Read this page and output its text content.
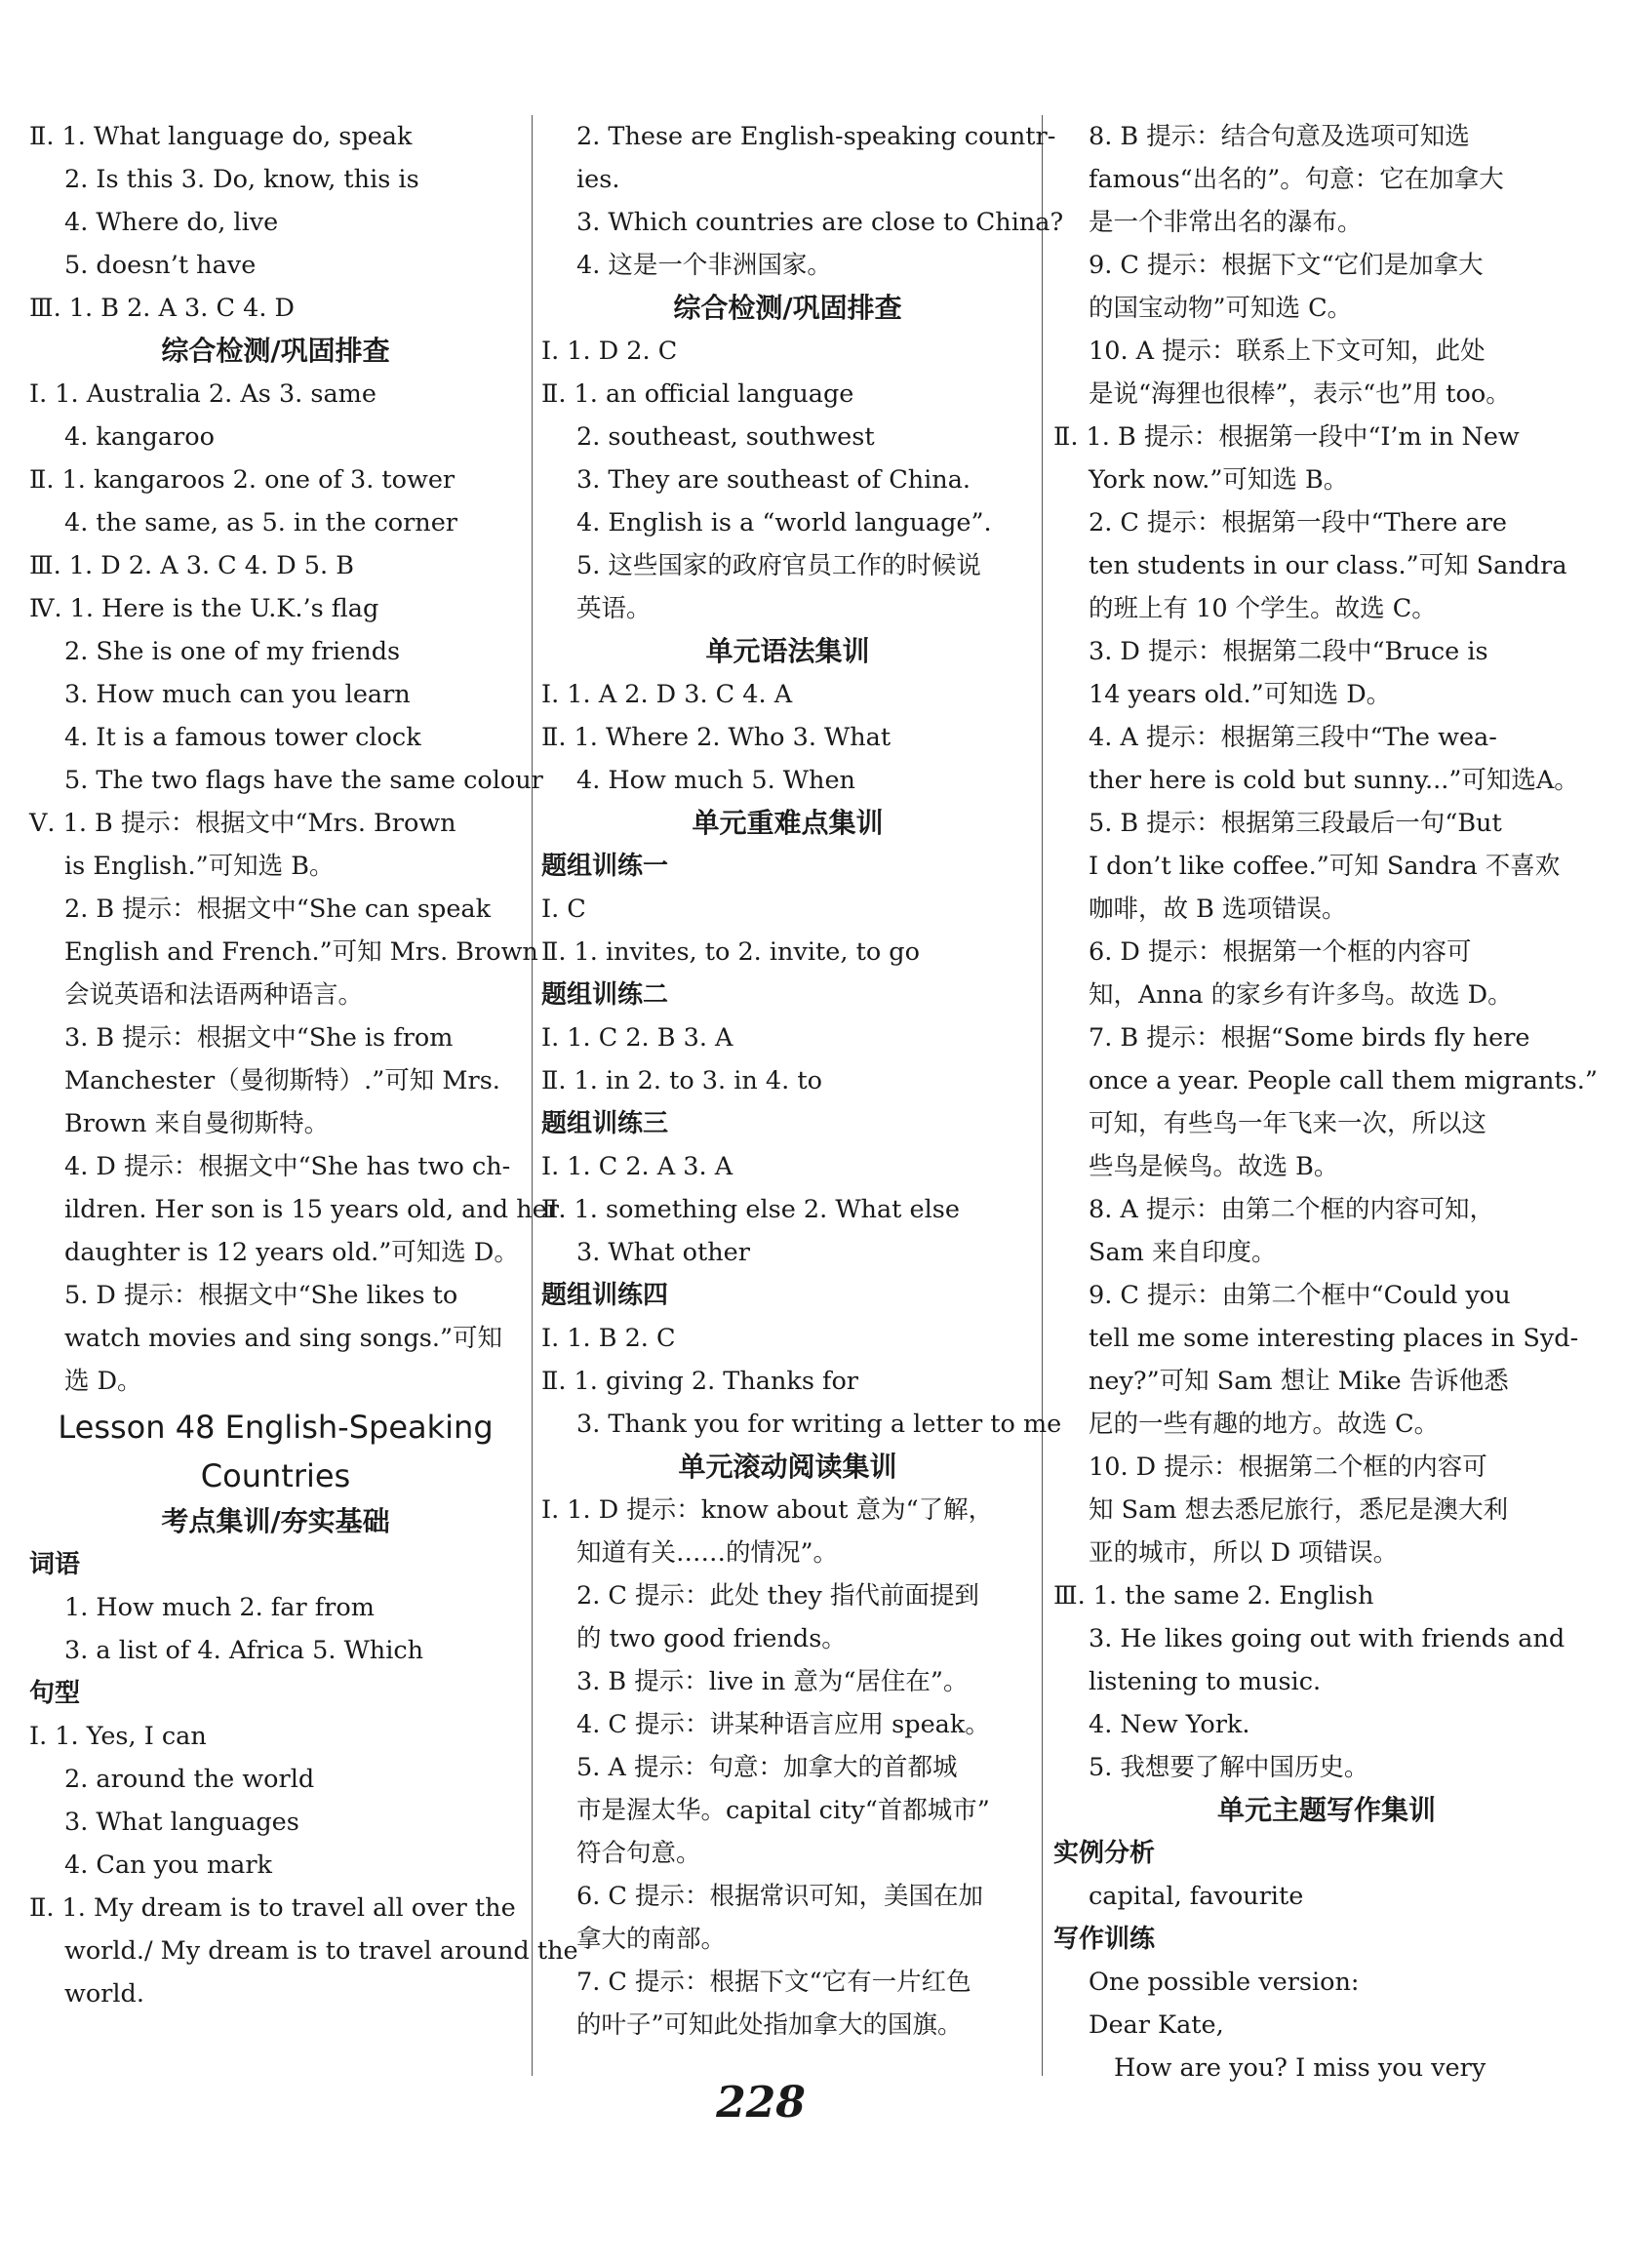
Ⅱ. 1. What language do, speak
2. Is this 3. Do, know, this is
4. Where do, live
5. doesn’t have
Ⅲ. 1. B 2. A 3. C 4. D
综合检测/巩固排查
Ⅰ. 1. Australia 2. As 3. same
4. kangaroo
Ⅱ. 1. kangaroos 2. one of 3. tower
4. the same, as 5. in the corner
Ⅲ. 1. D 2. A 3. C 4. D 5. B
Ⅳ. 1. Here is the U.K.’s flag
2. She is one of my friends
3. How much can you learn
4. It is a famous tower clock
5. The two flags have the same colour
Ⅴ. 1. B 提示：根据文中“Mrs. Brown
is English.”可知选 B。
2. B 提示：根据文中“She can speak
English and French.”可知 Mrs. Brown
会说英语和法语两种语言。
3. B 提示：根据文中“She is from
Manchester（曼彻斯特）.”可知 Mrs.
Brown 来自曼彻斯特。
4. D 提示：根据文中“She has two ch-
ildren. Her son is 15 years old, and her
daughter is 12 years old.”可知选 D。
5. D 提示：根据文中“She likes to
watch movies and sing songs.”可知
选 D。
Lesson 48 English-Speaking
Countries
考点集训/夯实基础
词语
1. How much 2. far from
3. a list of 4. Africa 5. Which
句型
Ⅰ. 1. Yes, I can
2. around the world
3. What languages
4. Can you mark
Ⅱ. 1. My dream is to travel all over the
world./ My dream is to travel around the
world.
2. These are English-speaking countr-
ies.
3. Which countries are close to China?
4. 这是一个非洲国家。
综合检测/巩固排查
Ⅰ. 1. D 2. C
Ⅱ. 1. an official language
2. southeast, southwest
3. They are southeast of China.
4. English is a “world language”.
5. 这些国家的政府官员工作的时候说
英语。
单元语法集训
Ⅰ. 1. A 2. D 3. C 4. A
Ⅱ. 1. Where 2. Who 3. What
4. How much 5. When
单元重难点集训
题组训练一
Ⅰ. C
Ⅱ. 1. invites, to 2. invite, to go
题组训练二
Ⅰ. 1. C 2. B 3. A
Ⅱ. 1. in 2. to 3. in 4. to
题组训练三
Ⅰ. 1. C 2. A 3. A
Ⅱ. 1. something else 2. What else
3. What other
题组训练四
Ⅰ. 1. B 2. C
Ⅱ. 1. giving 2. Thanks for
3. Thank you for writing a letter to me
单元滚动阅读集训
Ⅰ. 1. D 提示：know about 意为“了解，
知道有关……的情况”。
2. C 提示：此处 they 指代前面提到
的 two good friends。
3. B 提示：live in 意为“居住在”。
4. C 提示：讲某种语言应用 speak。
5. A 提示：句意：加拿大的首都城
市是渥太华。capital city“首都城市”
符合句意。
6. C 提示：根据常识可知，美国在加
拿大的南部。
7. C 提示：根据下文“它有一片红色
的叶子”可知此处指加拿大的国旗。
8. B 提示：结合句意及选项可知选
famous“出名的”。句意：它在加拿大
是一个非常出名的瀑布。
9. C 提示：根据下文“它们是加拿大
的国宝动物”可知选 C。
10. A 提示：联系上下文可知，此处
是说“海狸也很棒”，表示“也”用 too。
Ⅱ. 1. B 提示：根据第一段中“I’m in New
York now.”可知选 B。
2. C 提示：根据第一段中“There are
ten students in our class.”可知 Sandra
的班上有 10 个学生。故选 C。
3. D 提示：根据第二段中“Bruce is
14 years old.”可知选 D。
4. A 提示：根据第三段中“The wea-
ther here is cold but sunny...”可知选A。
5. B 提示：根据第三段最后一句“But
I don’t like coffee.”可知 Sandra 不喜欢
咖啡，故 B 选项错误。
6. D 提示：根据第一个框的内容可
知，Anna 的家乡有许多鸟。故选 D。
7. B 提示：根据“Some birds fly here
once a year. People call them migrants.”
可知，有些鸟一年飞来一次，所以这
些鸟是候鸟。故选 B。
8. A 提示：由第二个框的内容可知，
Sam 来自印度。
9. C 提示：由第二个框中“Could you
tell me some interesting places in Syd-
ney?”可知 Sam 想让 Mike 告诉他悉
尼的一些有趣的地方。故选 C。
10. D 提示：根据第二个框的内容可
知 Sam 想去悉尼旅行，悉尼是澳大利
亚的城市，所以 D 项错误。
Ⅲ. 1. the same 2. English
3. He likes going out with friends and
listening to music.
4. New York.
5. 我想要了解中国历史。
单元主题写作集训
实例分析
capital, favourite
写作训练
One possible version:
Dear Kate,
How are you? I miss you very
228
